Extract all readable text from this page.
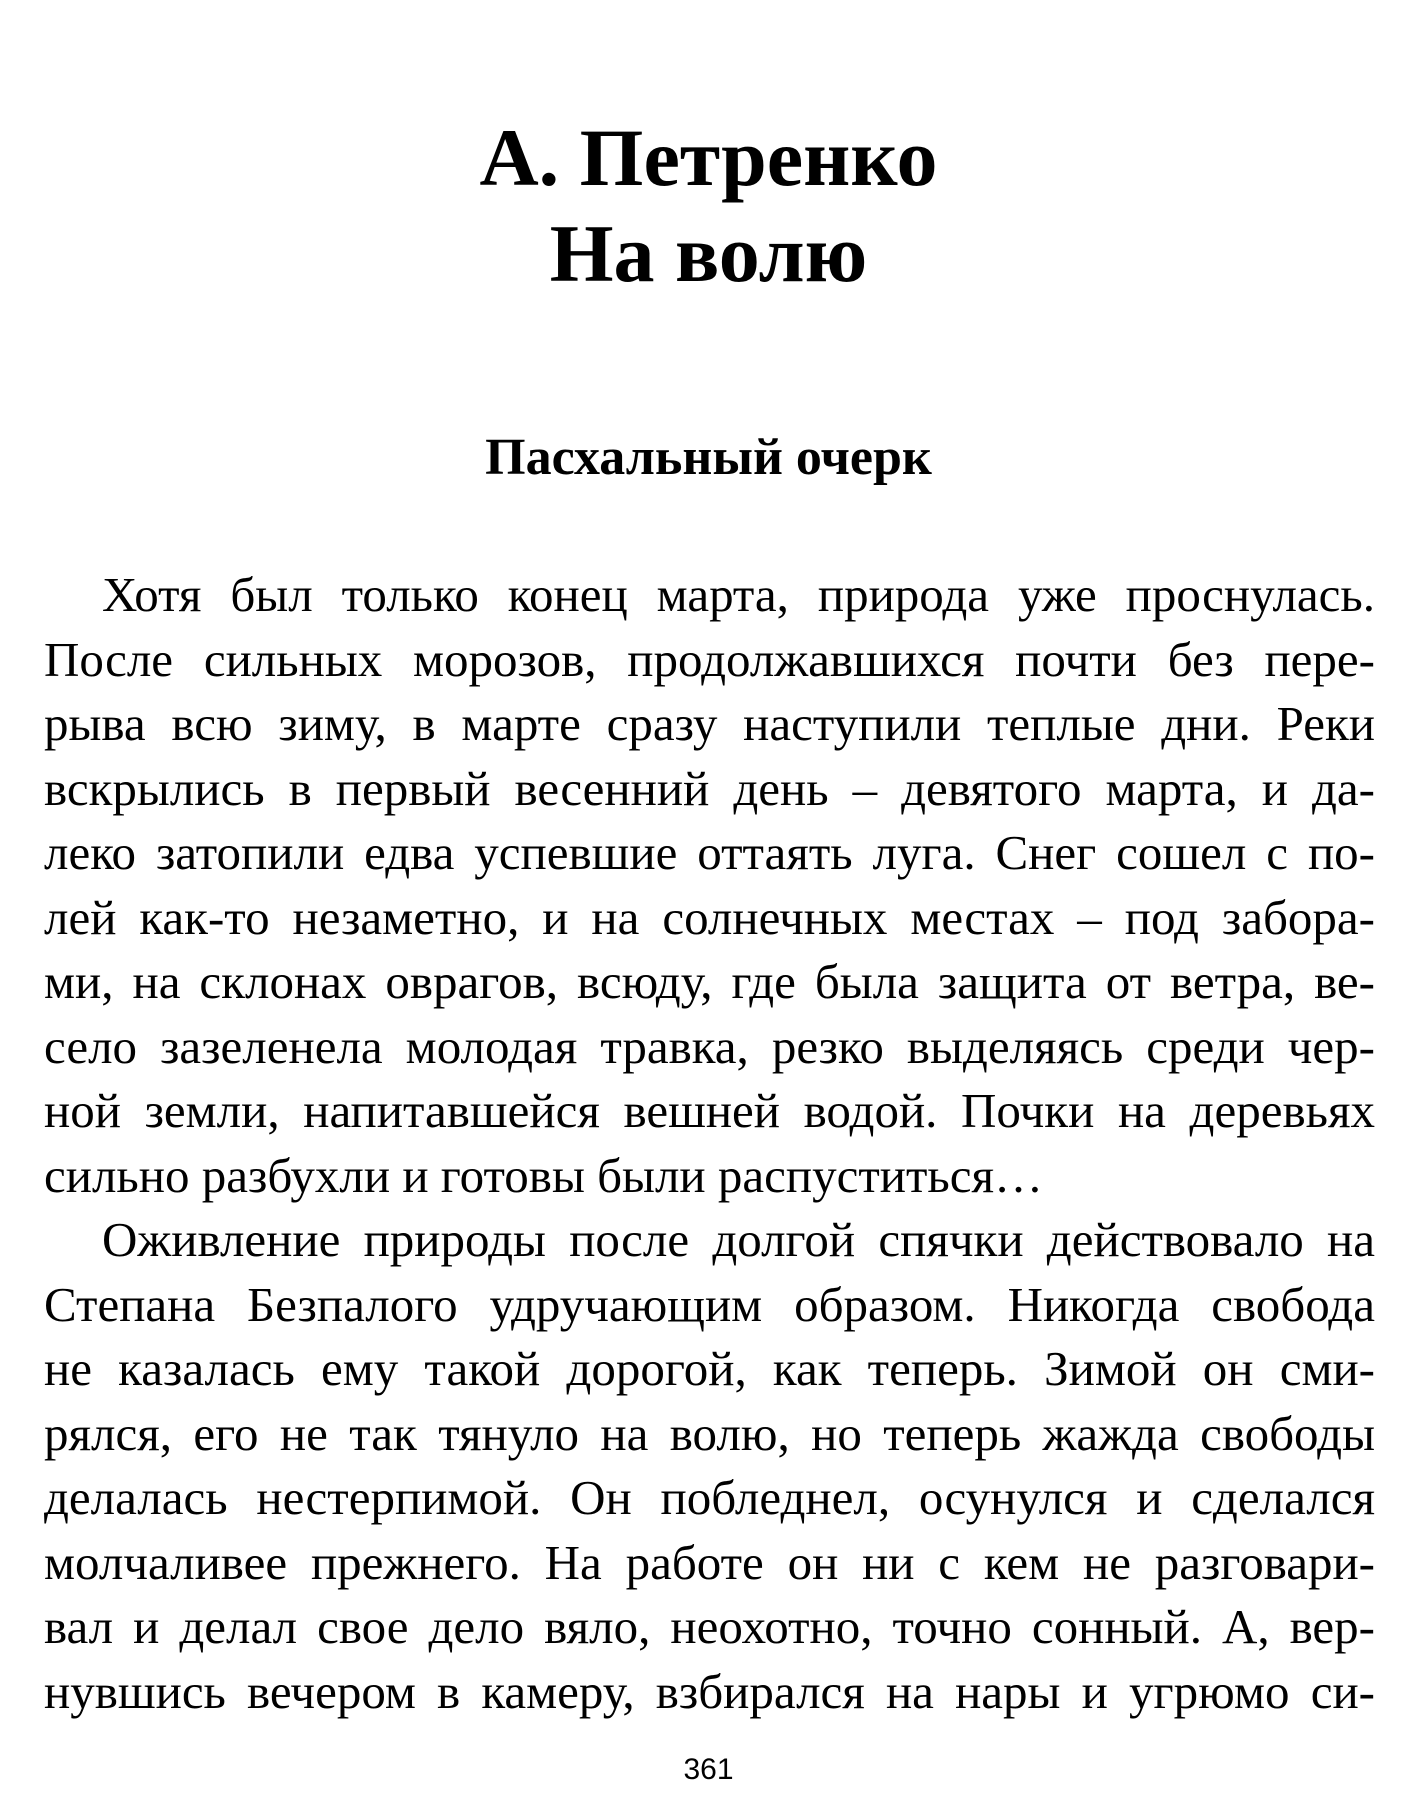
А. Петренко
На волю
Пасхальный очерк
Хотя был только конец марта, природа уже проснулась.
После сильных морозов, продолжавшихся почти без пере-
рыва всю зиму, в марте сразу наступили теплые дни. Реки
вскрылись в первый весенний день – девятого марта, и да-
леко затопили едва успевшие оттаять луга. Снег сошел с по-
лей как-то незаметно, и на солнечных местах – под забора-
ми, на склонах оврагов, всюду, где была защита от ветра, ве-
село зазеленела молодая травка, резко выделяясь среди чер-
ной земли, напитавшейся вешней водой. Почки на деревьях
сильно разбухли и готовы были распуститься…
Оживление природы после долгой спячки действовало на
Степана Безпалого удручающим образом. Никогда свобода
не казалась ему такой дорогой, как теперь. Зимой он сми-
рялся, его не так тянуло на волю, но теперь жажда свободы
делалась нестерпимой. Он побледнел, осунулся и сделался
молчаливее прежнего. На работе он ни с кем не разговари-
вал и делал свое дело вяло, неохотно, точно сонный. А, вер-
нувшись вечером в камеру, взбирался на нары и угрюмо си-
361
